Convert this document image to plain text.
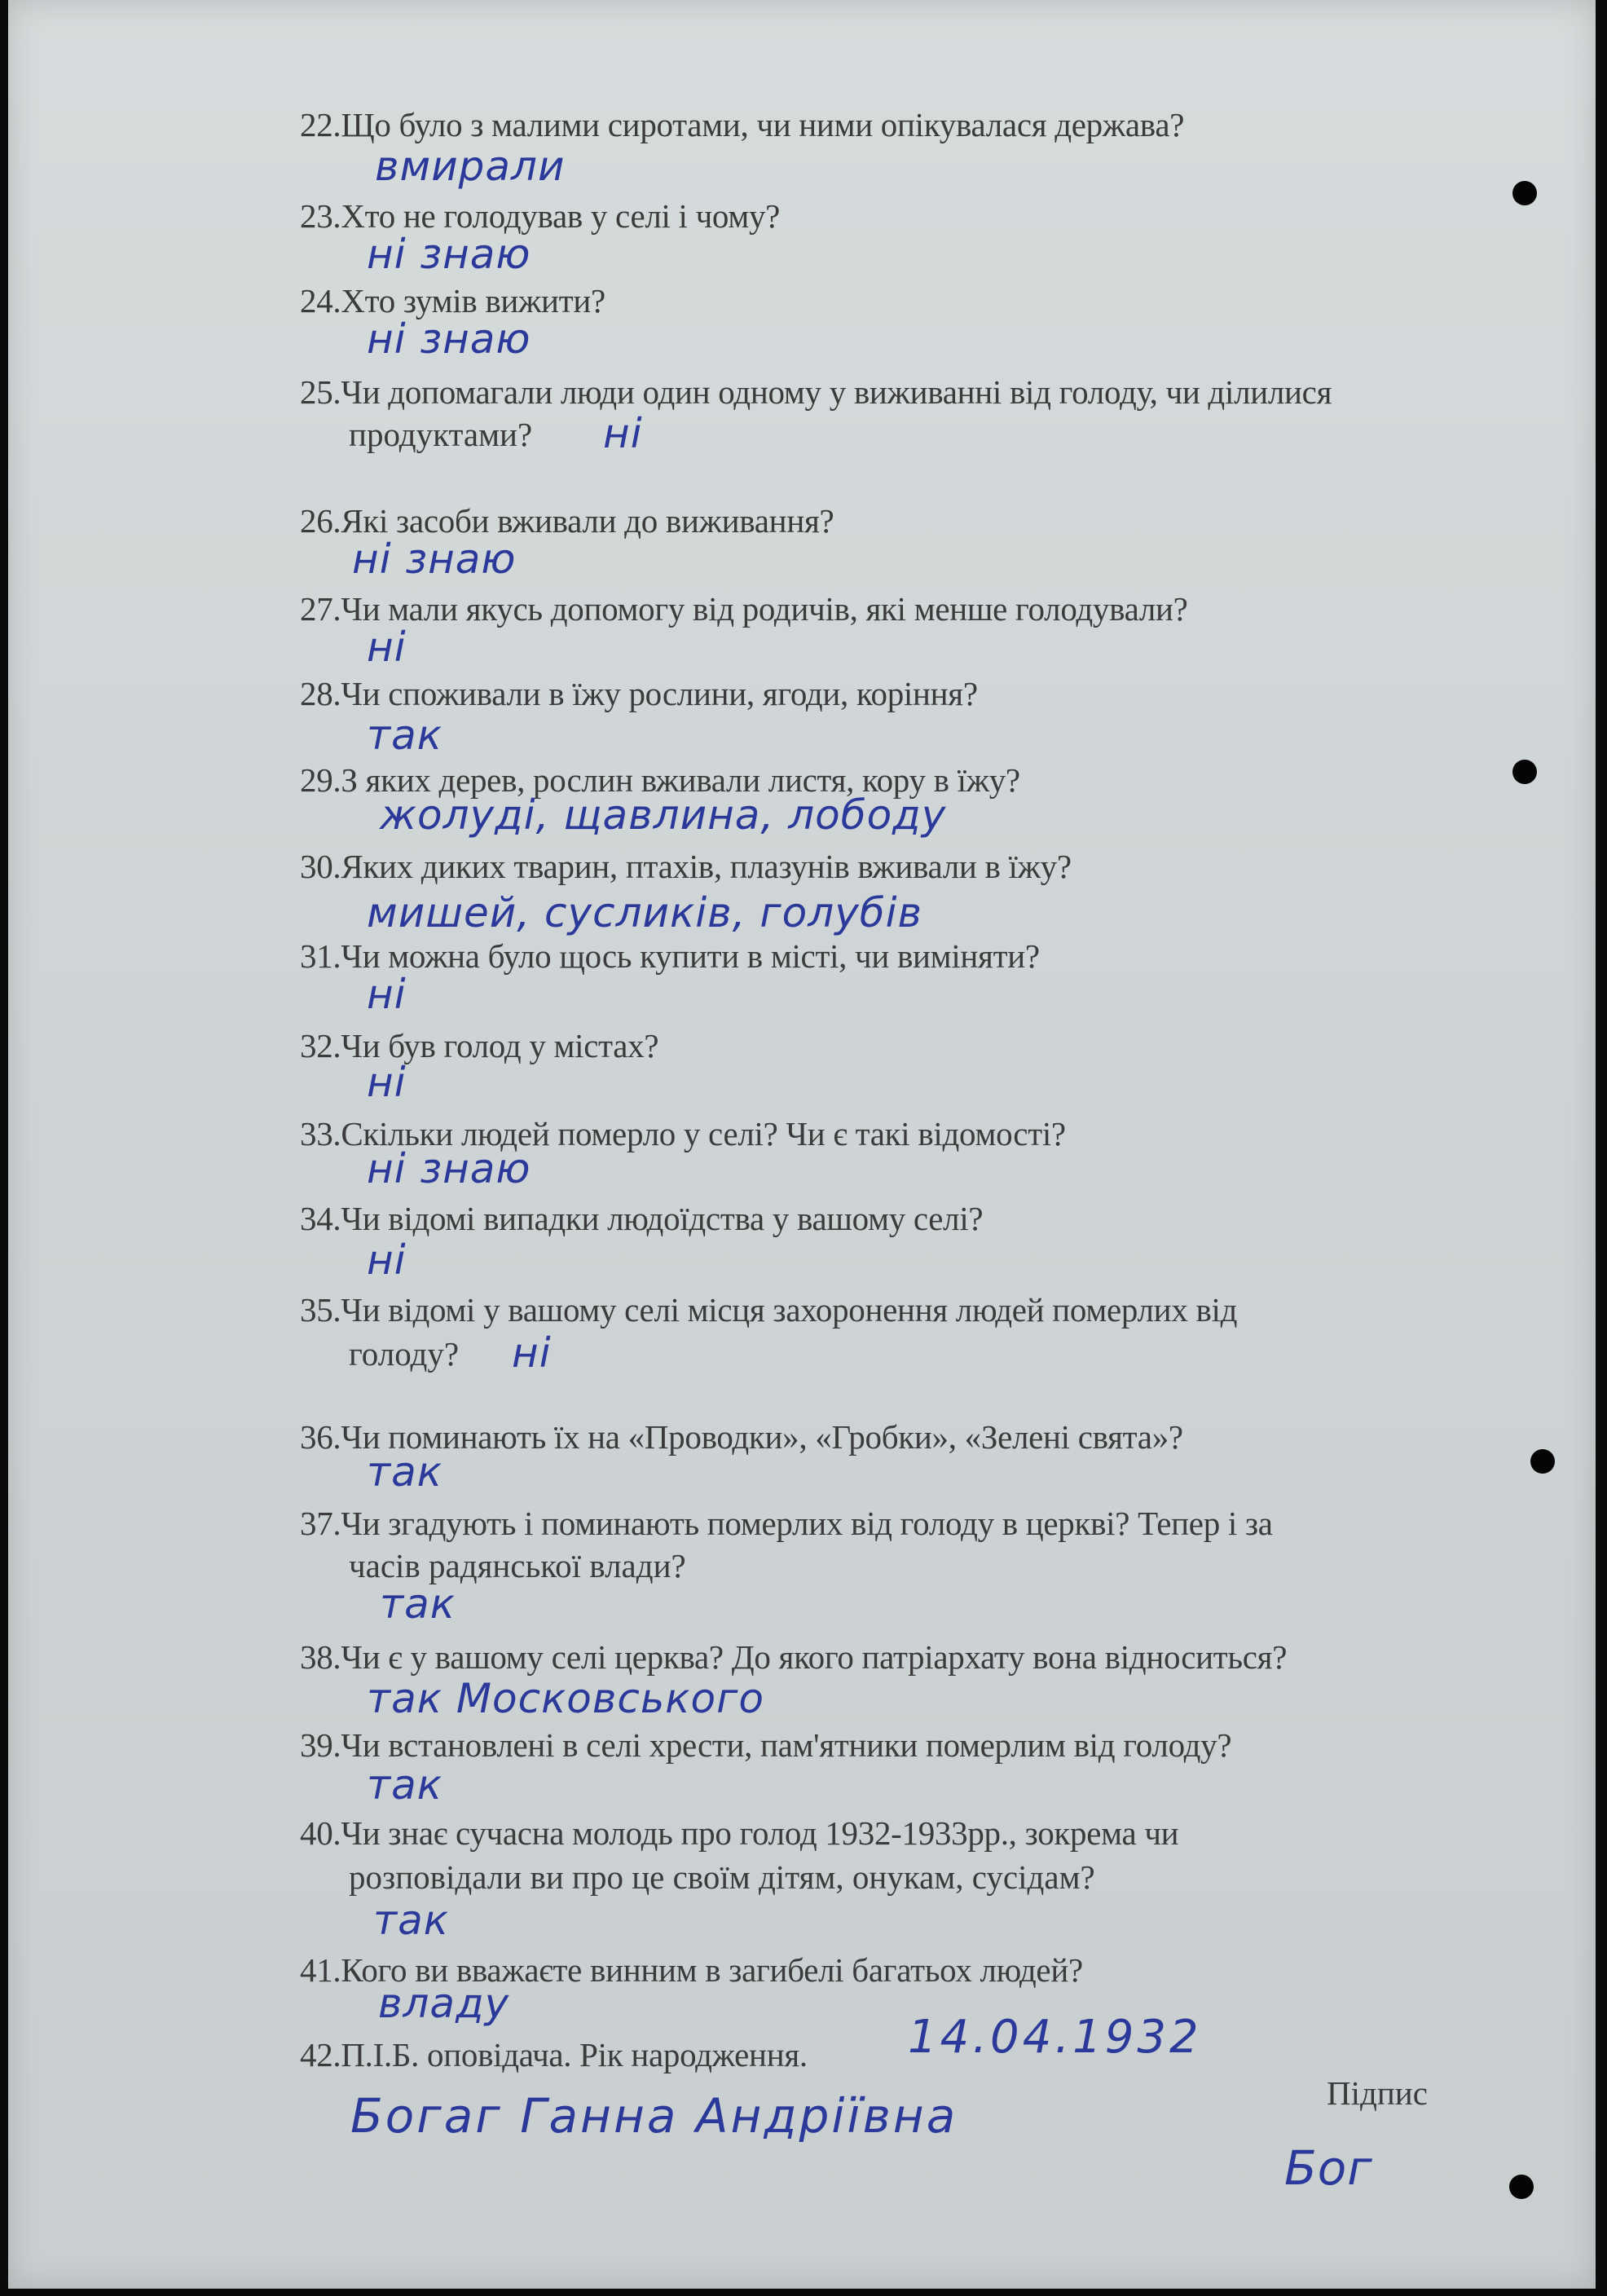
22.Що було з малими сиротами, чи ними опікувалася держава?
вмирали
23.Хто не голодував у селі і чому?
ні знаю
24.Хто зумів вижити?
ні знаю
25.Чи допомагали люди один одному у виживанні від голоду, чи ділилися
продуктами? ні
26.Які засоби вживали до виживання?
ні знаю
27.Чи мали якусь допомогу від родичів, які менше голодували?
ні
28.Чи споживали в їжу рослини, ягоди, коріння?
так
29.З яких дерев, рослин вживали листя, кору в їжу?
жолуді, щавлина, лободу
30.Яких диких тварин, птахів, плазунів вживали в їжу?
мишей, сусликів, голубів
31.Чи можна було щось купити в місті, чи виміняти?
ні
32.Чи був голод у містах?
ні
33.Скільки людей померло у селі? Чи є такі відомості?
ні знаю
34.Чи відомі випадки людоїдства у вашому селі?
ні
35.Чи відомі у вашому селі місця захоронення людей померлих від
голоду? ні
36.Чи поминають їх на «Проводки», «Гробки», «Зелені свята»?
так
37.Чи згадують і поминають померлих від голоду в церкві? Тепер і за
часів радянської влади?
так
38.Чи є у вашому селі церква? До якого патріархату вона відноситься?
так Московського
39.Чи встановлені в селі хрести, пам'ятники померлим від голоду?
так
40.Чи знає сучасна молодь про голод 1932-1933рр., зокрема чи
розповідали ви про це своїм дітям, онукам, сусідам?
так
41.Кого ви вважаєте винним в загибелі багатьох людей?
владу
42.П.І.Б. оповідача. Рік народження.	14.04.1932
Підпис
Богаг Ганна Андріївна
Бог
